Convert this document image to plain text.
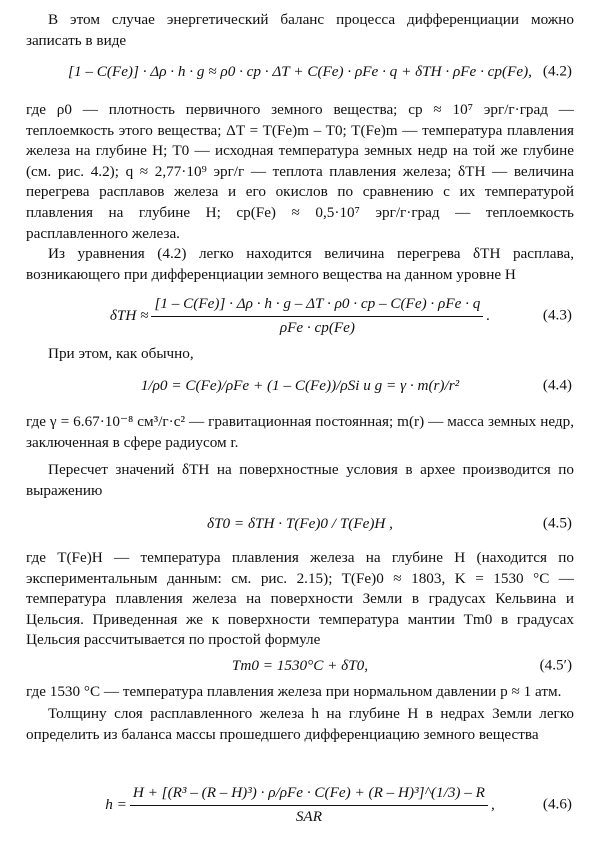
В этом случае энергетический баланс процесса дифференциации можно записать в виде

[1 – C(Fe)] · Δρ · h · g
≈ ρ0 · cp · ΔT + C(Fe) · ρFe · q + δTH · ρFe · cp(Fe), (4.2)

где ρ0 — плотность первичного земного вещества; cp ≈ 10⁷ эрг/г·град — теплоемкость этого вещества; ΔT = T(Fe)m – T0; T(Fe)m — температура плавления железа на глубине H; T0 — исходная температура земных недр на той же глубине (см. рис. 4.2); q ≈ 2,77·10⁹ эрг/г — теплота плавления железа; δTH — величина перегрева расплавов железа и его окислов по сравнению с их температурой плавления на глубине H; cp(Fe) ≈ 0,5·10⁷ эрг/г·град — теплоемкость расплавленного железа.

Из уравнения (4.2) легко находится величина перегрева δTH расплава, возникающего при дифференциации земного вещества на данном уровне H

$\delta TH \approx \frac{\text{[1 – C(Fe)] · Δρ · h · g – ΔT · ρ0 · cp – C(Fe) · ρFe · q}}{\text{ρFe · cp(Fe)}}$ .	(4.3)

При этом, как обычно,

1/ρ0 = C(Fe)/ρFe + (1 – C(Fe))/ρSi и g = γ · m(r)/r²	(4.4)

где γ = 6.67·10⁻⁸ см³/г·c² — гравитационная постоянная; m(r) — масса земных недр, заключенная в сфере радиусом r.

Пересчет значений δTH на поверхностные условия в архее производится по выражению

δT0 = δTH · T(Fe)0 / T(Fe)H ,	(4.5)

где T(Fe)H — температура плавления железа на глубине H (находится по экспериментальным данным: см. рис. 2.15); T(Fe)0 ≈ 1803, K = 1530 °C — температура плавления железа на поверхности Земли в градусах Кельвина и Цельсия. Приведенная же к поверхности температура мантии Tm0 в градусах Цельсия рассчитывается по простой формуле

Tm0 = 1530°C + δT0,	(4.5′)

где 1530 °C — температура плавления железа при нормальном давлении p ≈ 1 атм.

Толщину слоя расплавленного железа h на глубине H в недрах Земли легко определить из баланса массы прошедшего дифференциацию земного вещества

$h = \frac{\text{H + [(R³ – (R – H)³) · ρ/ρFe · C(Fe) + (R – H)³]\textasciicircum{}(1/3) – R}}{\text{SAR}}$ ,	(4.6)
